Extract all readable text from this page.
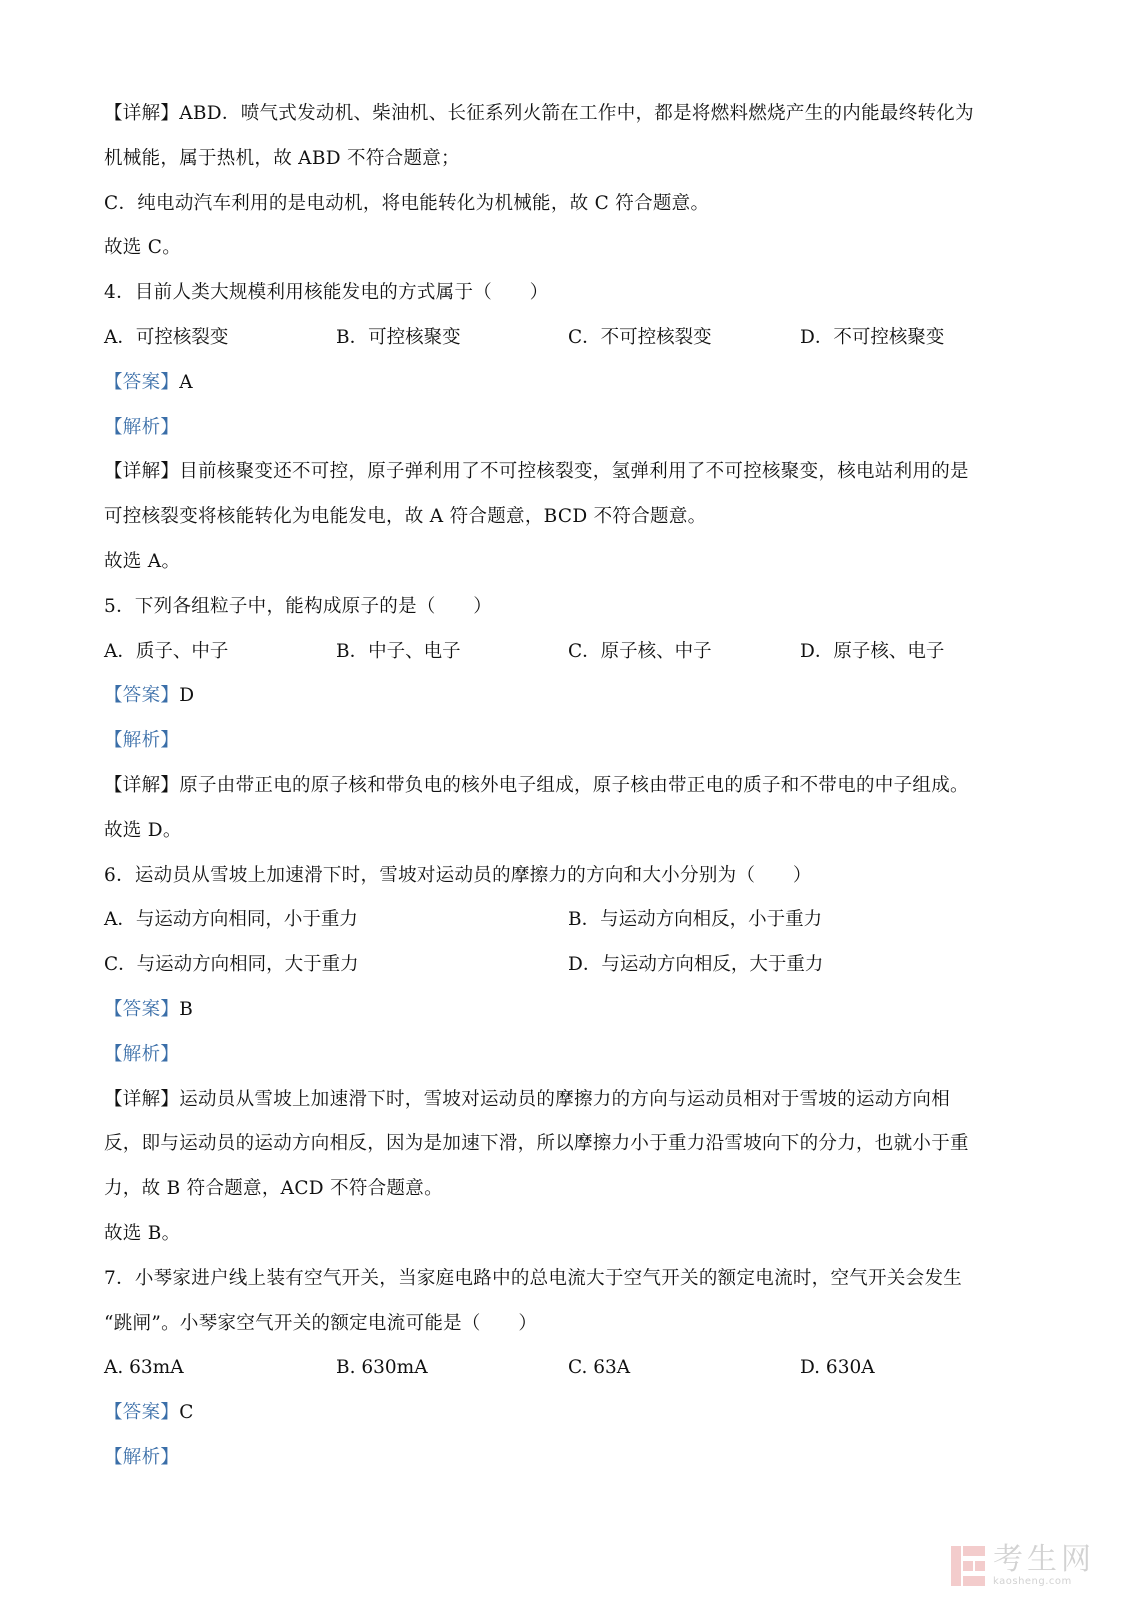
【详解】ABD．喷气式发动机、柴油机、长征系列火箭在工作中，都是将燃料燃烧产生的内能最终转化为
机械能，属于热机，故 ABD 不符合题意；
C．纯电动汽车利用的是电动机，将电能转化为机械能，故 C 符合题意。
故选 C。
4．目前人类大规模利用核能发电的方式属于（　　）
A．可控核裂变	B．可控核聚变	C．不可控核裂变	D．不可控核聚变
【答案】A
【解析】
【详解】目前核聚变还不可控，原子弹利用了不可控核裂变，氢弹利用了不可控核聚变，核电站利用的是
可控核裂变将核能转化为电能发电，故 A 符合题意，BCD 不符合题意。
故选 A。
5．下列各组粒子中，能构成原子的是（　　）
A．质子、中子	B．中子、电子	C．原子核、中子	D．原子核、电子
【答案】D
【解析】
【详解】原子由带正电的原子核和带负电的核外电子组成，原子核由带正电的质子和不带电的中子组成。
故选 D。
6．运动员从雪坡上加速滑下时，雪坡对运动员的摩擦力的方向和大小分别为（　　）
A．与运动方向相同，小于重力	B．与运动方向相反，小于重力
C．与运动方向相同，大于重力	D．与运动方向相反，大于重力
【答案】B
【解析】
【详解】运动员从雪坡上加速滑下时，雪坡对运动员的摩擦力的方向与运动员相对于雪坡的运动方向相
反，即与运动员的运动方向相反，因为是加速下滑，所以摩擦力小于重力沿雪坡向下的分力，也就小于重
力，故 B 符合题意，ACD 不符合题意。
故选 B。
7．小琴家进户线上装有空气开关，当家庭电路中的总电流大于空气开关的额定电流时，空气开关会发生
“跳闸”。小琴家空气开关的额定电流可能是（　　）
A. 63mA	B. 630mA	C. 63A	D. 630A
【答案】C
【解析】
考生网
kaosheng.com
